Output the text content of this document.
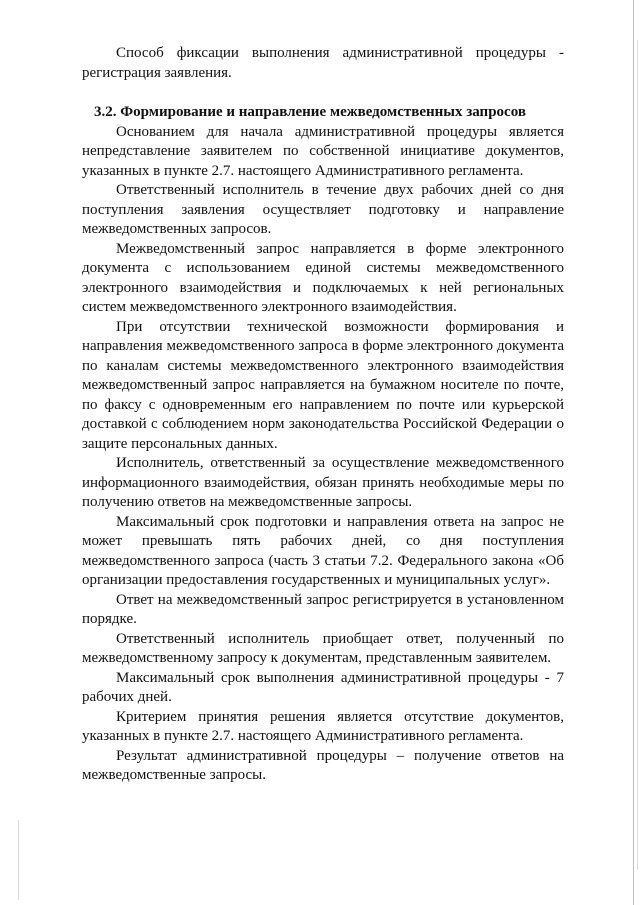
Способ фиксации выполнения административной процедуры - регистрация заявления.

3.2. Формирование и направление межведомственных запросов

Основанием для начала административной процедуры является непредставление заявителем по собственной инициативе документов, указанных в пункте 2.7. настоящего Административного регламента.

Ответственный исполнитель в течение двух рабочих дней со дня поступления заявления осуществляет подготовку и направление межведомственных запросов.

Межведомственный запрос направляется в форме электронного документа с использованием единой системы межведомственного электронного взаимодействия и подключаемых к ней региональных систем межведомственного электронного взаимодействия.

При отсутствии технической возможности формирования и направления межведомственного запроса в форме электронного документа по каналам системы межведомственного электронного взаимодействия межведомственный запрос направляется на бумажном носителе по почте, по факсу с одновременным его направлением по почте или курьерской доставкой с соблюдением норм законодательства Российской Федерации о защите персональных данных.

Исполнитель, ответственный за осуществление межведомственного информационного взаимодействия, обязан принять необходимые меры по получению ответов на межведомственные запросы.

Максимальный срок подготовки и направления ответа на запрос не может превышать пять рабочих дней, со дня поступления межведомственного запроса (часть 3 статьи 7.2. Федерального закона «Об организации предоставления государственных и муниципальных услуг».

Ответ на межведомственный запрос регистрируется в установленном порядке.

Ответственный исполнитель приобщает ответ, полученный по межведомственному запросу к документам, представленным заявителем.

Максимальный срок выполнения административной процедуры - 7 рабочих дней.

Критерием принятия решения является отсутствие документов, указанных в пункте 2.7. настоящего Административного регламента.

Результат административной процедуры – получение ответов на межведомственные запросы.
